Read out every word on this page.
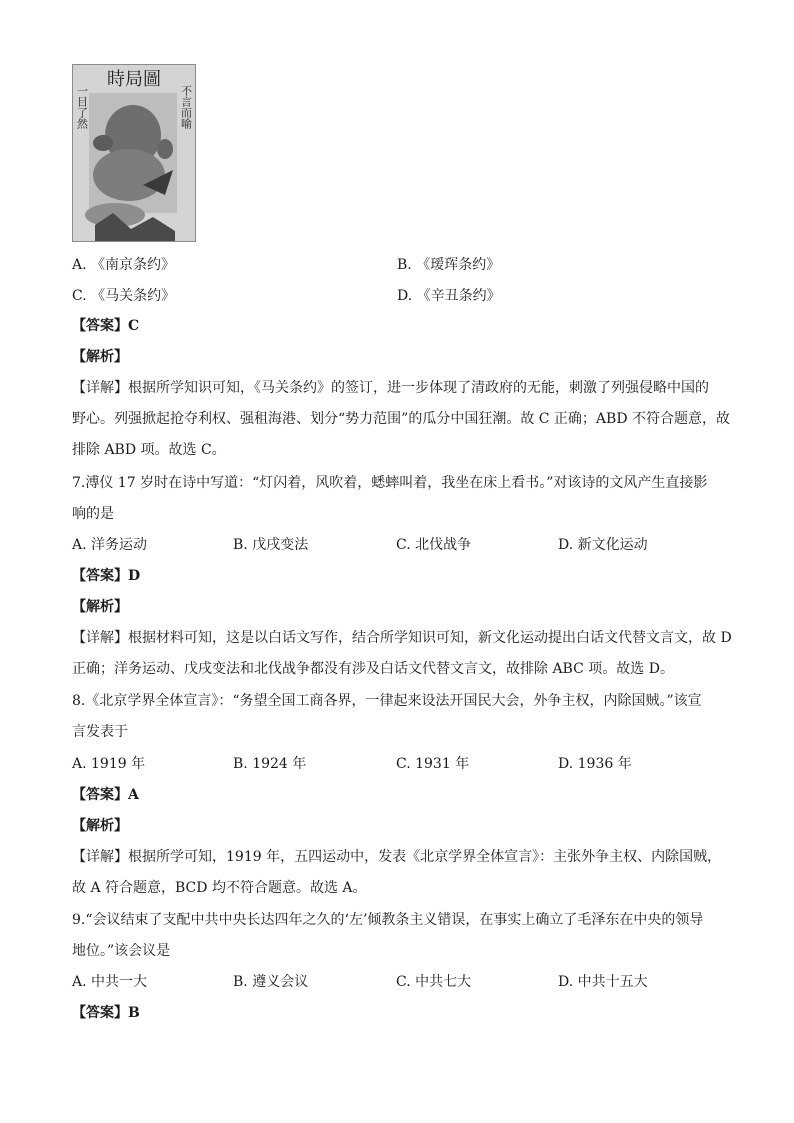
時局圖
不言而喻
一目了然
A. 《南京条约》	B. 《瑷珲条约》
C. 《马关条约》	D. 《辛丑条约》
【答案】C
【解析】
【详解】根据所学知识可知，《马关条约》的签订，进一步体现了清政府的无能，刺激了列强侵略中国的
野心。列强掀起抢夺利权、强租海港、划分“势力范围”的瓜分中国狂潮。故 C 正确；ABD 不符合题意，故
排除 ABD 项。故选 C。
7.溥仪 17 岁时在诗中写道：“灯闪着，风吹着，蟋蟀叫着，我坐在床上看书。”对该诗的文风产生直接影
响的是
A. 洋务运动	B. 戊戌变法	C. 北伐战争	D. 新文化运动
【答案】D
【解析】
【详解】根据材料可知，这是以白话文写作，结合所学知识可知，新文化运动提出白话文代替文言文，故 D
正确；洋务运动、戊戌变法和北伐战争都没有涉及白话文代替文言文，故排除 ABC 项。故选 D。
8.《北京学界全体宣言》：“务望全国工商各界，一律起来设法开国民大会，外争主权，内除国贼。”该宣
言发表于
A. 1919 年	B. 1924 年	C. 1931 年	D. 1936 年
【答案】A
【解析】
【详解】根据所学可知，1919 年，五四运动中，发表《北京学界全体宣言》：主张外争主权、内除国贼，
故 A 符合题意，BCD 均不符合题意。故选 A。
9.“会议结束了支配中共中央长达四年之久的‘左’倾教条主义错误，在事实上确立了毛泽东在中央的领导
地位。”该会议是
A. 中共一大	B. 遵义会议	C. 中共七大	D. 中共十五大
【答案】B
